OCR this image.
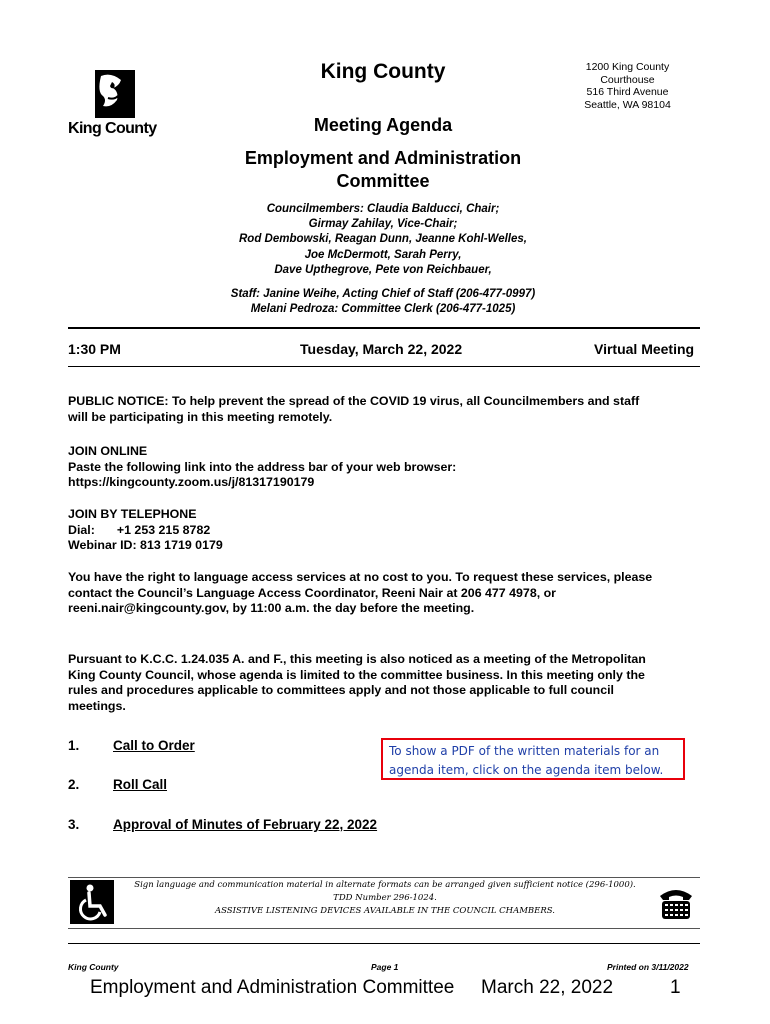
King County
King County	1200 King County
Courthouse
516 Third Avenue
Seattle, WA 98104
Meeting Agenda
Employment and Administration
Committee
Councilmembers: Claudia Balducci, Chair;
Girmay Zahilay, Vice-Chair;
Rod Dembowski, Reagan Dunn, Jeanne Kohl-Welles,
Joe McDermott, Sarah Perry,
Dave Upthegrove, Pete von Reichbauer,
Staff: Janine Weihe, Acting Chief of Staff (206-477-0997)
Melani Pedroza: Committee Clerk (206-477-1025)
1:30 PM	Tuesday, March 22, 2022	Virtual Meeting
PUBLIC NOTICE: To help prevent the spread of the COVID 19 virus, all Councilmembers and staff
will be participating in this meeting remotely.
JOIN ONLINE
Paste the following link into the address bar of your web browser:
https://kingcounty.zoom.us/j/81317190179
JOIN BY TELEPHONE
Dial: +1 253 215 8782
Webinar ID: 813 1719 0179
You have the right to language access services at no cost to you. To request these services, please
contact the Council’s Language Access Coordinator, Reeni Nair at 206 477 4978, or
reeni.nair@kingcounty.gov, by 11:00 a.m. the day before the meeting.
Pursuant to K.C.C. 1.24.035 A. and F., this meeting is also noticed as a meeting of the Metropolitan
King County Council, whose agenda is limited to the committee business. In this meeting only the
rules and procedures applicable to committees apply and not those applicable to full council
meetings.
1. Call to Order
2. Roll Call
3. Approval of Minutes of February 22, 2022
To show a PDF of the written materials for an
agenda item, click on the agenda item below.
Sign language and communication material in alternate formats can be arranged given sufficient notice (296-1000).
TDD Number 296-1024.
ASSISTIVE LISTENING DEVICES AVAILABLE IN THE COUNCIL CHAMBERS.
King County	Page 1	Printed on 3/11/2022
Employment and Administration Committee March 22, 2022	1
